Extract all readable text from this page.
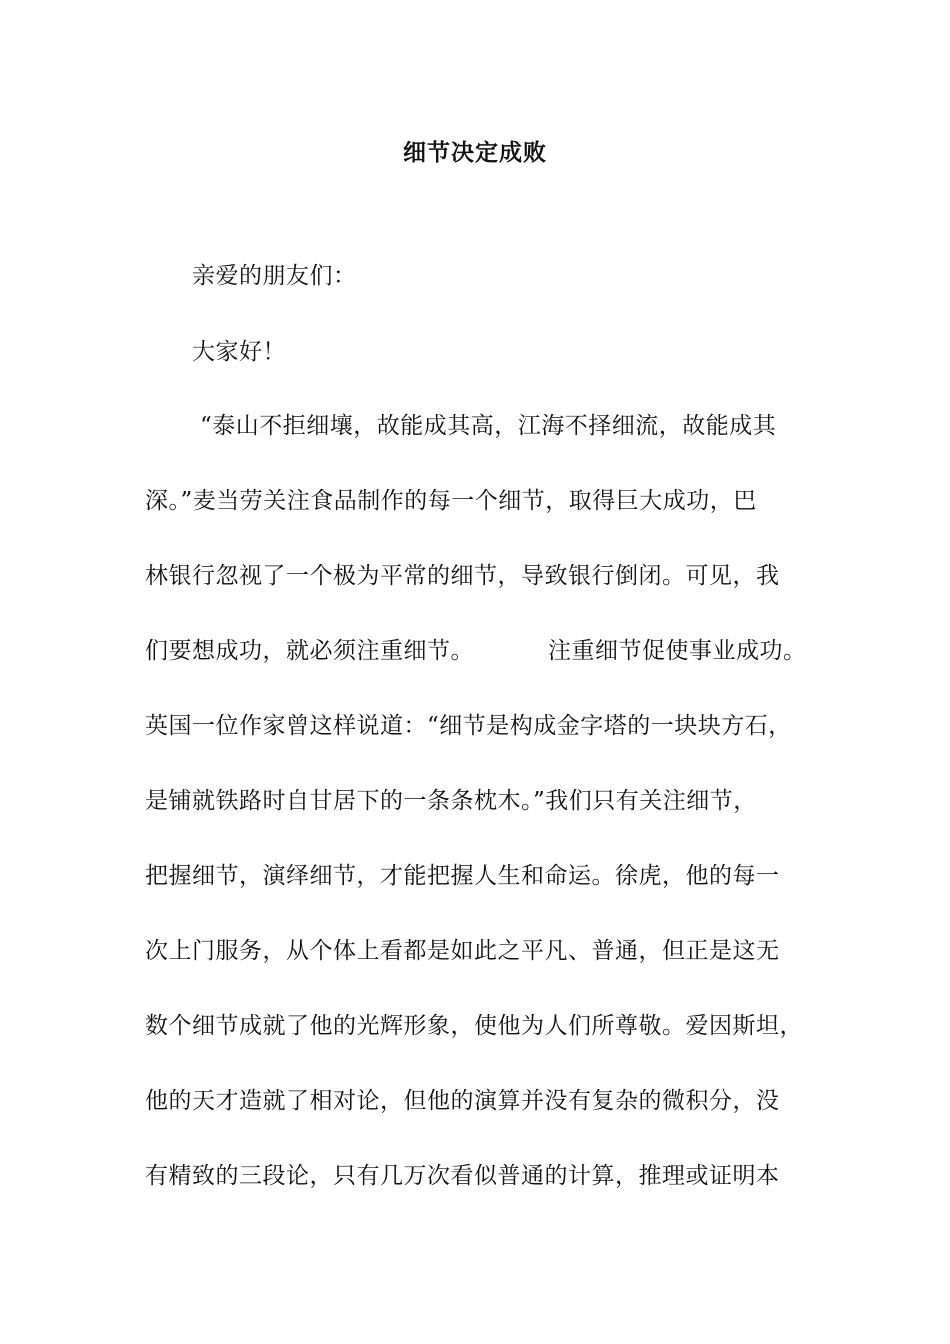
细节决定成败
亲爱的朋友们：
大家好！
“泰山不拒细壤，故能成其高，江海不择细流，故能成其
深。”麦当劳关注食品制作的每一个细节，取得巨大成功，巴
林银行忽视了一个极为平常的细节，导致银行倒闭。可见，我
们要想成功，就必须注重细节。	注重细节促使事业成功。
英国一位作家曾这样说道：“细节是构成金字塔的一块块方石，
是铺就铁路时自甘居下的一条条枕木。”我们只有关注细节，
把握细节，演绎细节，才能把握人生和命运。徐虎，他的每一
次上门服务，从个体上看都是如此之平凡、普通，但正是这无
数个细节成就了他的光辉形象，使他为人们所尊敬。爱因斯坦，
他的天才造就了相对论，但他的演算并没有复杂的微积分，没
有精致的三段论，只有几万次看似普通的计算，推理或证明本
